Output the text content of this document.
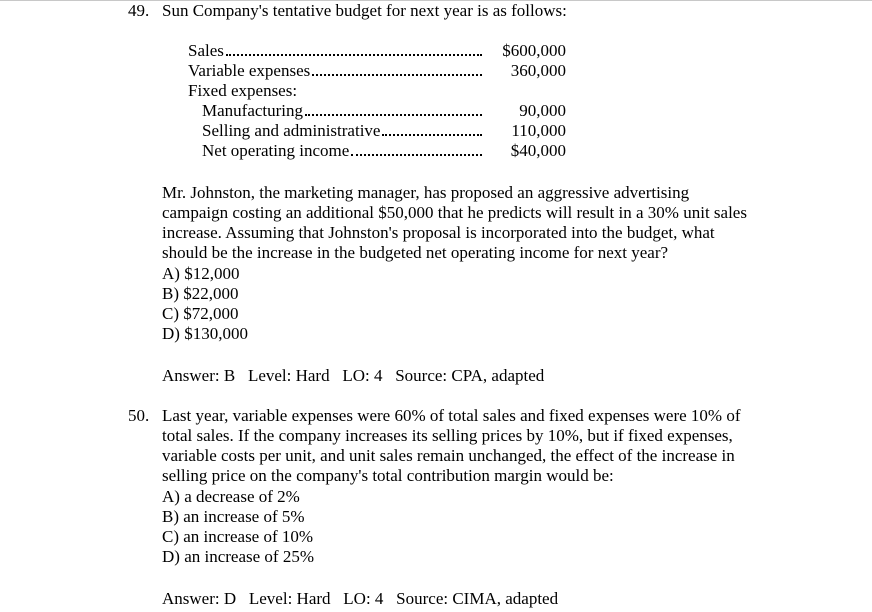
49. Sun Company's tentative budget for next year is as follows:
Sales	$600,000
Variable expenses	360,000
Fixed expenses:
Manufacturing	90,000
Selling and administrative	110,000
Net operating income	$40,000
Mr. Johnston, the marketing manager, has proposed an aggressive advertising
campaign costing an additional $50,000 that he predicts will result in a 30% unit sales
increase. Assuming that Johnston's proposal is incorporated into the budget, what
should be the increase in the budgeted net operating income for next year?
A) $12,000
B) $22,000
C) $72,000
D) $130,000
Answer: B   Level: Hard   LO: 4   Source: CPA, adapted
50. Last year, variable expenses were 60% of total sales and fixed expenses were 10% of
total sales. If the company increases its selling prices by 10%, but if fixed expenses,
variable costs per unit, and unit sales remain unchanged, the effect of the increase in
selling price on the company's total contribution margin would be:
A) a decrease of 2%
B) an increase of 5%
C) an increase of 10%
D) an increase of 25%
Answer: D   Level: Hard   LO: 4   Source: CIMA, adapted
